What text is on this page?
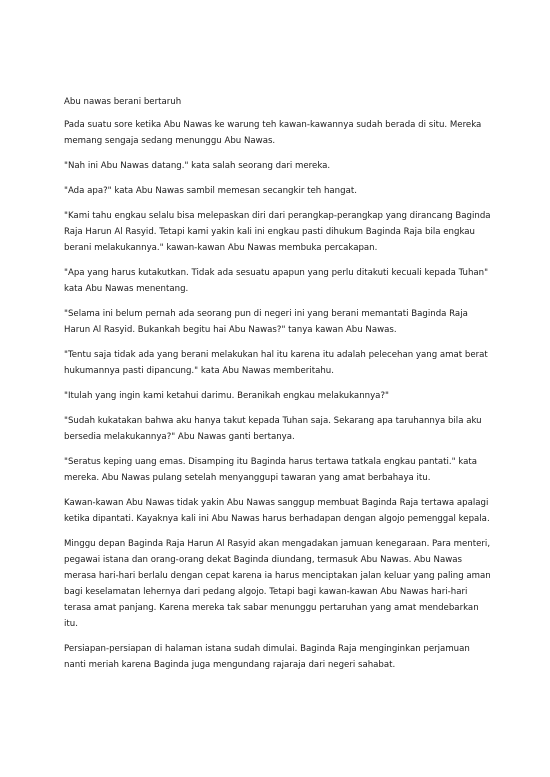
Abu nawas berani bertaruh
Pada suatu sore ketika Abu Nawas ke warung teh kawan-kawannya sudah berada di situ. Mereka memang sengaja sedang menunggu Abu Nawas.
"Nah ini Abu Nawas datang." kata salah seorang dari mereka.
"Ada apa?" kata Abu Nawas sambil memesan secangkir teh hangat.
"Kami tahu engkau selalu bisa melepaskan diri dari perangkap-perangkap yang dirancang Baginda Raja Harun Al Rasyid. Tetapi kami yakin kali ini engkau pasti dihukum Baginda Raja bila engkau berani melakukannya." kawan-kawan Abu Nawas membuka percakapan.
"Apa yang harus kutakutkan. Tidak ada sesuatu apapun yang perlu ditakuti kecuali kepada Tuhan" kata Abu Nawas menentang.
"Selama ini belum pernah ada seorang pun di negeri ini yang berani memantati Baginda Raja Harun Al Rasyid. Bukankah begitu hai Abu Nawas?" tanya kawan Abu Nawas.
"Tentu saja tidak ada yang berani melakukan hal itu karena itu adalah pelecehan yang amat berat hukumannya pasti dipancung." kata Abu Nawas memberitahu.
"Itulah yang ingin kami ketahui darimu. Beranikah engkau melakukannya?"
"Sudah kukatakan bahwa aku hanya takut kepada Tuhan saja. Sekarang apa taruhannya bila aku bersedia melakukannya?" Abu Nawas ganti bertanya.
"Seratus keping uang emas. Disamping itu Baginda harus tertawa tatkala engkau pantati." kata mereka. Abu Nawas pulang setelah menyanggupi tawaran yang amat berbahaya itu.
Kawan-kawan Abu Nawas tidak yakin Abu Nawas sanggup membuat Baginda Raja tertawa apalagi ketika dipantati. Kayaknya kali ini Abu Nawas harus berhadapan dengan algojo pemenggal kepala.
Minggu depan Baginda Raja Harun Al Rasyid akan mengadakan jamuan kenegaraan. Para menteri, pegawai istana dan orang-orang dekat Baginda diundang, termasuk Abu Nawas. Abu Nawas merasa hari-hari berlalu dengan cepat karena ia harus menciptakan jalan keluar yang paling aman bagi keselamatan lehernya dari pedang algojo. Tetapi bagi kawan-kawan Abu Nawas hari-hari terasa amat panjang. Karena mereka tak sabar menunggu pertaruhan yang amat mendebarkan itu.
Persiapan-persiapan di halaman istana sudah dimulai. Baginda Raja menginginkan perjamuan nanti meriah karena Baginda juga mengundang rajaraja dari negeri sahabat.
